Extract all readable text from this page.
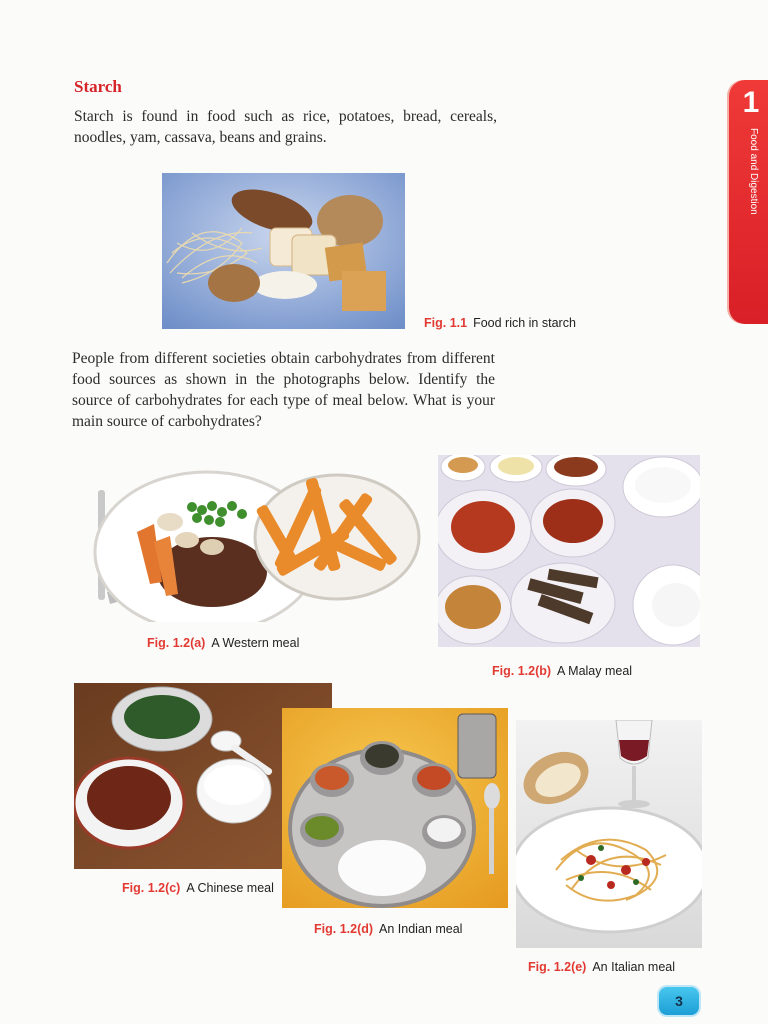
1
Food and Digestion
Starch
Starch is found in food such as rice, potatoes, bread, cereals, noodles, yam, cassava, beans and grains.
Fig. 1.1 Food rich in starch
People from different societies obtain carbohydrates from different food sources as shown in the photographs below. Identify the source of carbohydrates for each type of meal below. What is your main source of carbohydrates?
Fig. 1.2(a) A Western meal
Fig. 1.2(b) A Malay meal
Fig. 1.2(c) A Chinese meal
Fig. 1.2(d) An Indian meal
Fig. 1.2(e) An Italian meal
3
